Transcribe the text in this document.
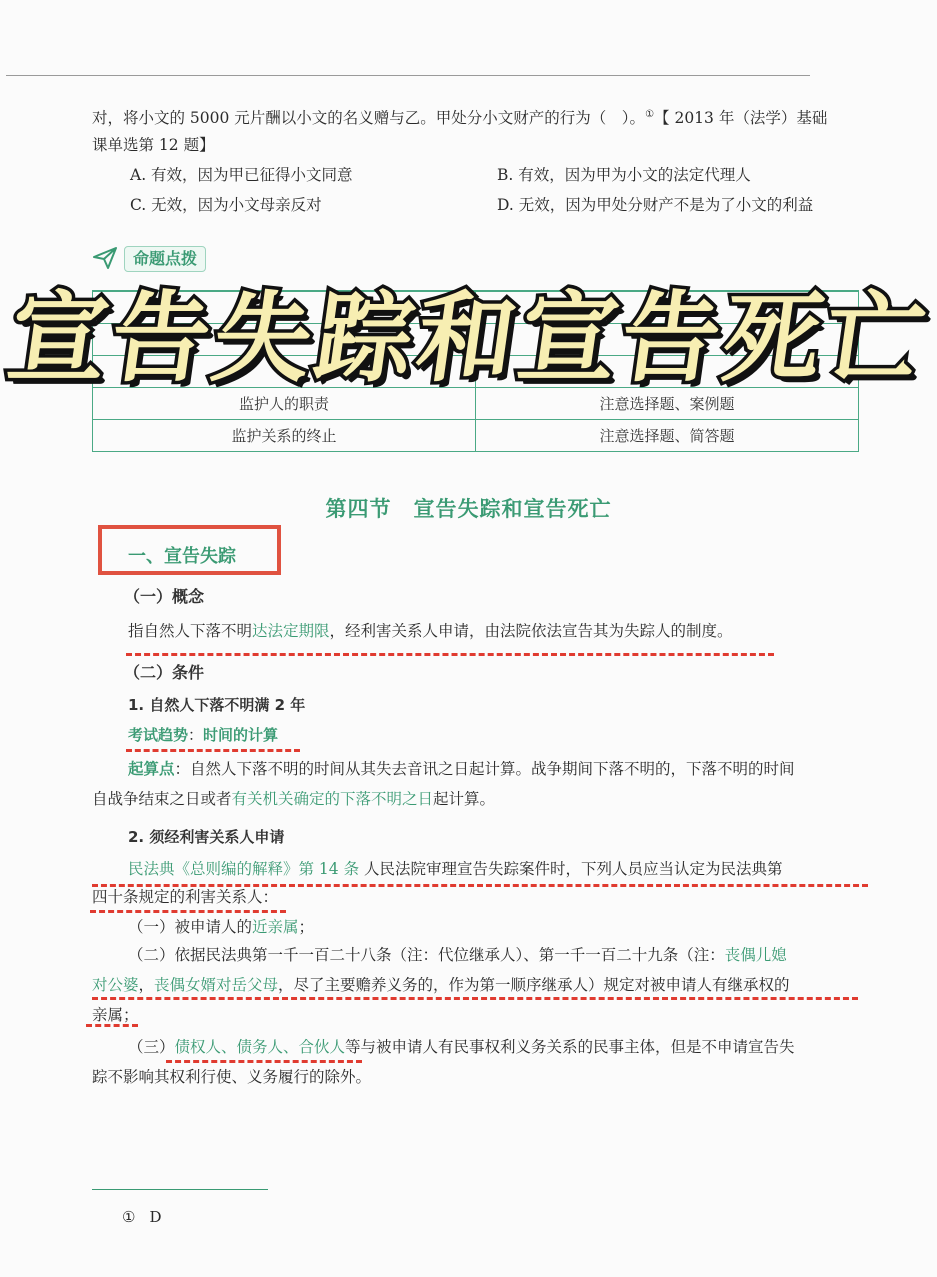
对，将小文的 5000 元片酬以小文的名义赠与乙。甲处分小文财产的行为（　）。①【 2013 年（法学）基础
课单选第 12 题】
A. 有效，因为甲已征得小文同意	B. 有效，因为甲为小文的法定代理人
C. 无效，因为小文母亲反对	D. 无效，因为甲处分财产不是为了小文的利益
命题点拨

监护人的职责	注意选择题、案例题
监护关系的终止	注意选择题、简答题
宣告失踪和宣告死亡
第四节　宣告失踪和宣告死亡
一、宣告失踪
（一）概念
指自然人下落不明达法定期限，经利害关系人申请，由法院依法宣告其为失踪人的制度。
（二）条件
1. 自然人下落不明满 2 年
考试趋势：时间的计算
起算点：自然人下落不明的时间从其失去音讯之日起计算。战争期间下落不明的，下落不明的时间
自战争结束之日或者有关机关确定的下落不明之日起计算。
2. 须经利害关系人申请
民法典《总则编的解释》第 14 条 人民法院审理宣告失踪案件时，下列人员应当认定为民法典第
四十条规定的利害关系人：
（一）被申请人的近亲属；
（二）依据民法典第一千一百二十八条（注：代位继承人）、第一千一百二十九条（注：丧偶儿媳
对公婆，丧偶女婿对岳父母，尽了主要赡养义务的，作为第一顺序继承人）规定对被申请人有继承权的
亲属；
（三）债权人、债务人、合伙人等与被申请人有民事权利义务关系的民事主体，但是不申请宣告失
踪不影响其权利行使、义务履行的除外。
① D
